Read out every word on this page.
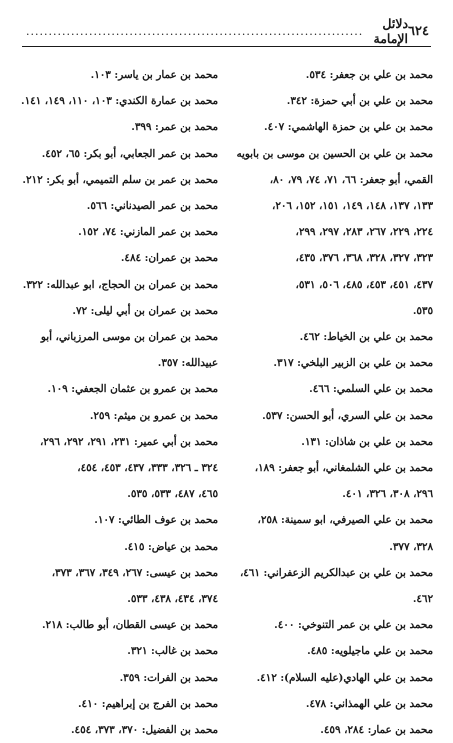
٦٢٤
دلائل الإمامة
...........................................................................
محمد بن علي بن جعفر: ٥٣٤.
محمد بن علي بن أبي حمزة: ٣٤٢.
محمد بن علي بن حمزة الهاشمي: ٤٠٧.
محمد بن علي بن الحسين بن موسى بن بابويه
القمي، أبو جعفر: ٦٦، ٧١، ٧٤، ٧٩، ٨٠،
١٣٣، ١٣٧، ١٤٨، ١٤٩، ١٥١، ١٥٢، ٢٠٦،
٢٢٤، ٢٢٩، ٢٦٧، ٢٨٣، ٢٩٧، ٢٩٩،
٣٢٣، ٣٢٧، ٣٢٨، ٣٦٨، ٣٧٦، ٤٣٥،
٤٣٧، ٤٥١، ٤٥٣، ٤٨٥، ٥٠٦، ٥٣١،
٥٣٥.
محمد بن علي بن الخياط: ٤٦٢.
محمد بن علي بن الزبير البلخي: ٣١٧.
محمد بن علي السلمي: ٤٦٦.
محمد بن علي السري، أبو الحسن: ٥٣٧.
محمد بن علي بن شاذان: ١٣١.
محمد بن علي الشلمغاني، أبو جعفر: ١٨٩،
٢٩٦، ٣٠٨، ٣٢٦، ٤٠١.
محمد بن علي الصيرفي، ابو سمينة: ٢٥٨،
٣٢٨، ٣٧٧.
محمد بن علي بن عبدالكريم الزعفراني: ٤٦١،
٤٦٢.
محمد بن علي بن عمر التنوخي: ٤٠٠.
محمد بن علي ماجيلويه: ٤٨٥.
محمد بن علي الهادي(عليه السلام): ٤١٢.
محمد بن علي الهمذاني: ٤٧٨.
محمد بن عمار: ٢٨٤، ٤٥٩.
محمد بن عمار بن ياسر: ١٠٣.
محمد بن عمارة الكندي: ١٠٣، ١١٠، ١٤٩، ١٤١.
محمد بن عمر: ٣٩٩.
محمد بن عمر الجعابي، أبو بكر: ٦٥، ٤٥٢.
محمد بن عمر بن سلم التميمي، أبو بكر: ٢١٢.
محمد بن عمر الصيدناني: ٥٦٦.
محمد بن عمر المازني: ٧٤، ١٥٢.
محمد بن عمران: ٤٨٤.
محمد بن عمران بن الحجاج، ابو عبدالله: ٣٢٢.
محمد بن عمران بن أبي ليلى: ٧٢.
محمد بن عمران بن موسى المرزباني، أبو
عبيدالله: ٣٥٧.
محمد بن عمرو بن عثمان الجعفي: ١٠٩.
محمد بن عمرو بن ميثم: ٢٥٩.
محمد بن أبي عمير: ٢٣١، ٢٩١، ٢٩٢، ٢٩٦،
٣٢٤ ـ ٣٢٦، ٣٣٣، ٤٣٧، ٤٥٣، ٤٥٤،
٤٦٥، ٤٨٧، ٥٣٣، ٥٣٥.
محمد بن عوف الطائي: ١٠٧.
محمد بن عياض: ٤١٥.
محمد بن عيسى: ٢٦٧، ٣٤٩، ٣٦٧، ٣٧٣،
٣٧٤، ٤٣٤، ٤٣٨، ٥٣٣.
محمد بن عيسى القطان، أبو طالب: ٢١٨.
محمد بن غالب: ٣٢١.
محمد بن الفرات: ٣٥٩.
محمد بن الفرج بن إبراهيم: ٤١٠.
محمد بن الفضيل: ٣٧٠، ٣٧٣، ٤٥٤.
